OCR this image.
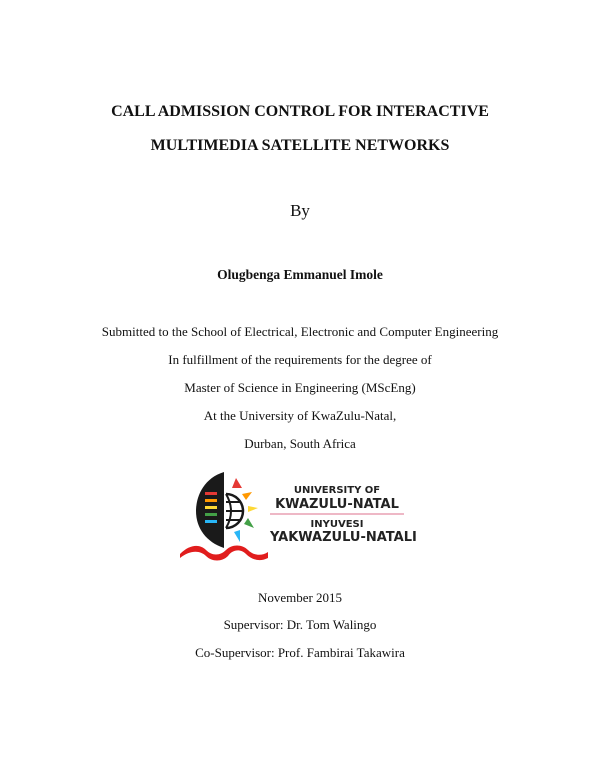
CALL ADMISSION CONTROL FOR INTERACTIVE
MULTIMEDIA SATELLITE NETWORKS
By
Olugbenga Emmanuel Imole
Submitted to the School of Electrical, Electronic and Computer Engineering
In fulfillment of the requirements for the degree of
Master of Science in Engineering (MScEng)
At the University of KwaZulu-Natal,
Durban, South Africa
UNIVERSITY OF
KWAZULU-NATAL
INYUVESI
YAKWAZULU-NATALI
November 2015
Supervisor: Dr. Tom Walingo
Co-Supervisor: Prof. Fambirai Takawira
